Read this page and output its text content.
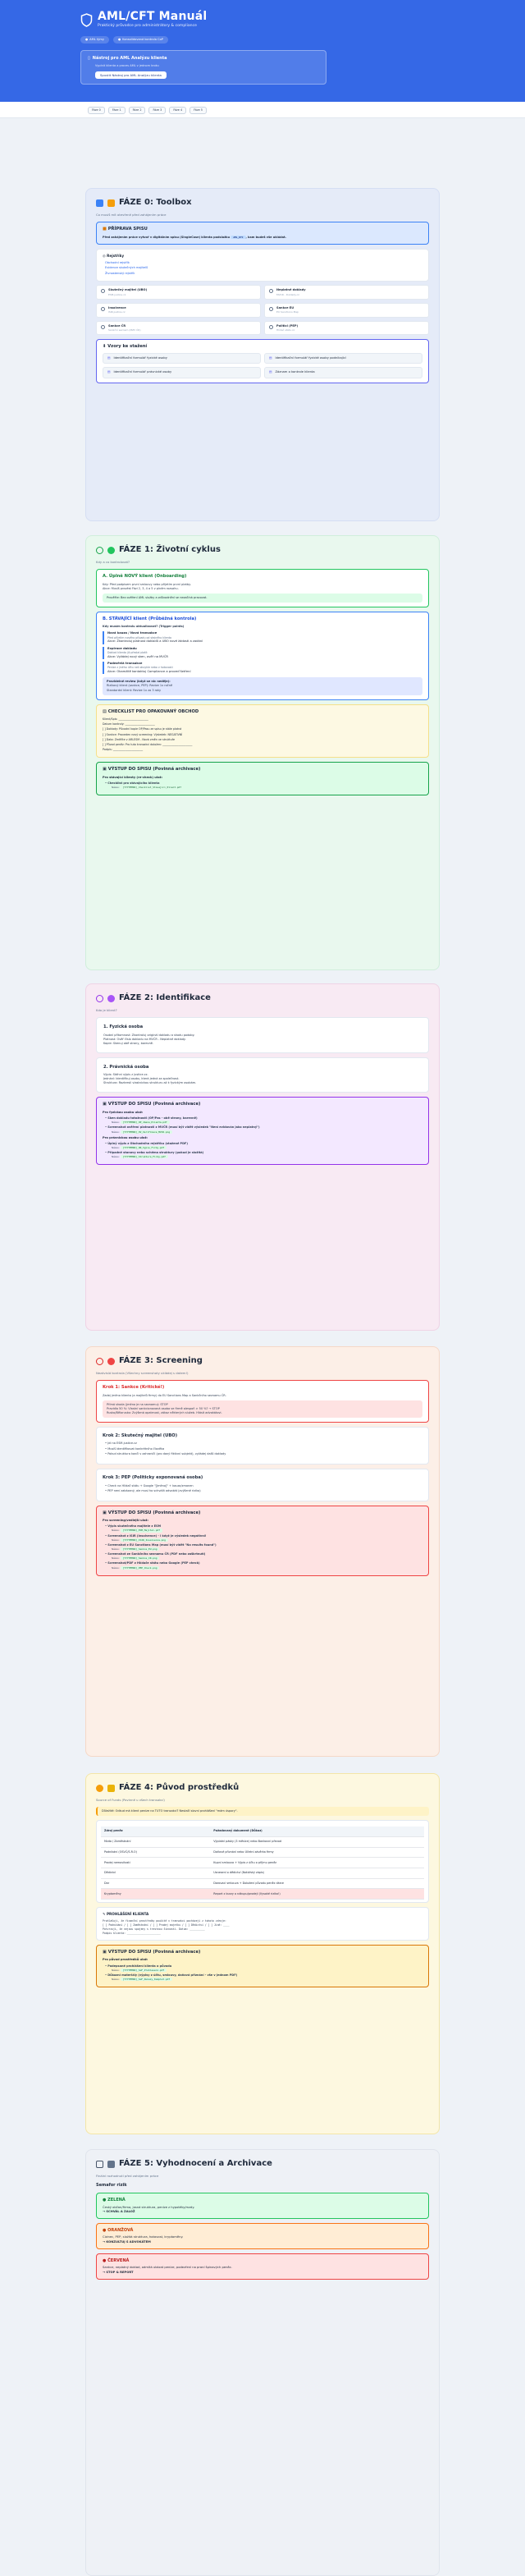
AML/CFT Manuál
Praktický průvodce pro administrátory & compliance
● AML týmy	● Konsolidovaná kontrola CoP
▯ Nástroj pro AML Analýzu klienta
Vyplnit klienta a proces AML v jednom kroku
Spustit Nástroj pro AML Analýzu klienta
Fáze 0	Fáze 1	Fáze 2	Fáze 3	Fáze 4	Fáze 5
FÁZE 0: Toolbox
Co musíš mít otevřené před zahájením práce
■ PŘÍPRAVA SPISU

Před zahájením práce vytvoř v digitálním spisu (SingleCase) klienta podsložku AML_KYC , kam budeš vše ukládat.

◎ Rejstříky
Obchodní rejstřík
Evidence skutečných majitelů
Živnostenský rejstřík
Skutečný majitel (UBO)
ESM.justice.cz
Neplatné doklady
MVCR - Doklady.cz
Insolvence
ISIR.justice.cz
Sankce EU
EU Sanctions Map
Sankce ČR
Sankční seznam (MZV ČR)
Politici (PEP)
Hlídač státu.cz
⬇ Vzory ke stažení
▤ Identifikační formulář fyzické osoby	▤ Identifikační formulář fyzické osoby podnikající
▤ Identifikační formulář právnické osoby	▤ Záznam o kontrole klienta
FÁZE 1: Životní cyklus
Kdy a co kontrolovat?
A. Úplně NOVÝ klient (Onboarding)

Kdy: Před podpisem první smlouvy nebo přijetím první platby.

Akce: Musíš provést Fázi 2, 3, 4 a 5 v plném rozsahu.

Prověřte: Bez ověření AML služby a zdůvodnění se nezačíná pracovat.
B. STÁVAJÍCÍ klient (Průběžná kontrola)

Kdy musím kontrolu aktualizovat? (Trigger points)

Nová kauza / Nová transakce
Před přijetím nového případu od stejného klienta
Akce: Zkontroluj platnost dokladů a UBO nové žádosti a zadání
Expirace dokladu
Doklad klienta již přestal platit
Akce: Vyžádej nový sken, ověř na MVČR
Podezřelá transakce
Peníze z jiného účtu než obvykle nebo v hotovosti
Akce: Okamžitě kontaktuj Compliance a proveď šetření
Pravidelné review (když se nic neděje):

Rizikový klient (sankce, PEP): Revize 1x ročně

Standardní klient: Revize 1x za 3 roky

▤ CHECKLIST PRO OPAKOVANÝ OBCHOD
Klient/Spis: ______________________
Datum kontroly: ______________________
[ ] Doklady: Původní kopie OP/Pasu ze spisu je stále platná
[ ] Sankce: Proveden nový screening: Výsledek: NEGATIVNÍ
[ ] Data: Změňte v ARLESM - Nová změn ve struktuře
[ ] Původ peněz: Pro tuto transakci doložen: ______________________
Podpis: ______________________
▣ VÝSTUP DO SPISU (Povinná archivace)
Pro stávající klienty (re-check) ulož:
• Checklist pro stávajícího klienta
Název: [YYYYMMDD]_Checklist_Stavajici_Klient.pdf
FÁZE 2: Identifikace
Kdo je klient?
1. Fyzická osoba

Osobní přítomnost: Zkontroluj originál dokladu a shodu podoby.

Platnost: Ověř číslo dokladu na MVČR - Neplatné doklady.

Kopie: Skenuj obě strany, barevně.

2. Právnická osoba

Výpis: Stáhni výpis z justice.cz.

Jednání: Identifikuj osobu, která jedná za společnost.

Struktura: Rozkresli vlastnickou strukturu až k fyzickým osobám.

▣ VÝSTUP DO SPISU (Povinná archivace)
Pro fyzickou osobu ulož:
• Sken dokladu totožnosti (OP/Pas - obě strany, barevně)
Název: [YYYYMMDD]_OP_Jmeno_Klienta.pdf
• Screenshot ověření platnosti z MVČR (musí být vidět výsledek "Není evidován jako neplatný")
Název: [YYYYMMDD]_OV_Verifikace_MVCR.png
Pro právnickou osobu ulož:
• Úplný výpis z Obchodního rejstříku (stažené PDF)
Název: [YYYYMMDD]_OR_Vypis_Firmy.pdf
• Případné stanovy nebo schéma struktury (pokud je složitá)
Název: [YYYYMMDD]_Struktura_Firmy.pdf
FÁZE 3: Screening
Nezávislá kontrola (Všechny screenshoty ukládej s datem!)
Krok 1: Sankce (Kritické!)

Zadej jméno klienta (a majitelů firmy) do EU Sanctions Map a Sankčního seznamu ČR.

Přímá shoda (jméno je na seznamu): STOP

Pravidlo 50 %: Vlastní sankcionovaná osoba ve firmě alespoň > 50 %? → STOP

Rusko/Bělorusko: Zvýšená opatrnost, zákaz některých služeb. Hlásit advokátovi.

Krok 2: Skutečný majitel (UBO)
• Jdi na ESM.justice.cz
• Musíš identifikovat konkrétního člověka
• Pokud struktura končí v zahraničí (pro daný fiktivní subjekt), vyžádej další doklady
Krok 3: PEP (Politicky exponovaná osoba)
• Check na Hlídač státu + Google "[Jméno]" + kauza/zmanen
• PEP není zakázaný, ale musí ho schválit advokát (zvýšené riziko)
▣ VÝSTUP DO SPISU (Povinná archivace)
Pro screening/vedlejší ulož:
• Výpis skutečného majitele z ESM
Název: [YYYYMMDD]_ESM_Majitel.pdf
• Screenshot z ISIR (Insolvence) - i když je výsledek negativní!
Název: [YYYYMMDD]_ISIR_Insolvence.png
• Screenshot z EU Sanctions Map (musí být vidět "No results found")
Název: [YYYYMMDD]_Sankce_EU.png
• Screenshot ze Sankčního seznamu ČR (PDF nebo zaškrtnutí)
Název: [YYYYMMDD]_Sankce_CR.png
• Screenshot/PDF z Hlídače státu nebo Google (PEP check)
Název: [YYYYMMDD]_PEP_Check.png
FÁZE 4: Původ prostředků
Source of Funds (Povinné u všech transakcí)
Důležité: Odkud má klient peníze na TUTO transakci? Nestačí slovní prohlášení "mám úspory".
Zdroj peněz	Požadovaný dokument (Důkaz)
Mzda / Zaměstnání	Výplatní pásky (3 měsíce) nebo Bankovní převod
Podnikání (OSVČ/S.R.O)	Daňové přiznání nebo Účetní závěrka firmy
Prodej nemovitosti	Kupní smlouva + Výpis z účtu o příjmu peněz
Dědictví	Usnesení o dědictví (Notářský zápis)
Dar	Darovací smlouva + Doložení původu peněz dárce
Kryptoměny	Report z burzy o nákupu/prodeji (Vysoké riziko!)
✎ PROHLÁŠENÍ KLIENTA
Prohlašuji, že finanční prostředky použité v transakci pocházejí z tohoto zdroje:
[ ] Podnikání / [ ] Zaměstnání / [ ] Prodej majetku / [ ] Dědictví / [ ] Jiné: ____
Potvrzuji, že nejsou spojeny s trestnou činností. Datum: __________
Podpis klienta: ______________________
▣ VÝSTUP DO SPISU (Povinná archivace)
Pro původ prostředků ulož:
• Podepsané prohlášení klienta o původu
Název: [YYYYMMDD]_SoF_Prohlaseni.pdf
• Důkazní materiály (výpisy z účtu, smlouvy, daňová přiznání - vše v jednom PDF)
Název: [YYYYMMDD]_SoF_Dukazy_Komplet.pdf
FÁZE 5: Vyhodnocení a Archivace
Finální rozhodnutí před zahájením práce
Semafor rizik
● ZELENÁ

Český občan/firma, jasná struktura, peníze z hypotéky/mzdy.

→ SCHVÁL A ZALOŽ
● ORANŽOVÁ

Cizinec, PEP, složitá struktura, hotovost, kryptoměny.

→ KONZULTUJ S ADVOKÁTEM
● ČERVENÁ

Sankce, neplatný doklad, odmítá ukázat peníze, podezření na praní špinavých peněz.

→ STOP & REPORT
